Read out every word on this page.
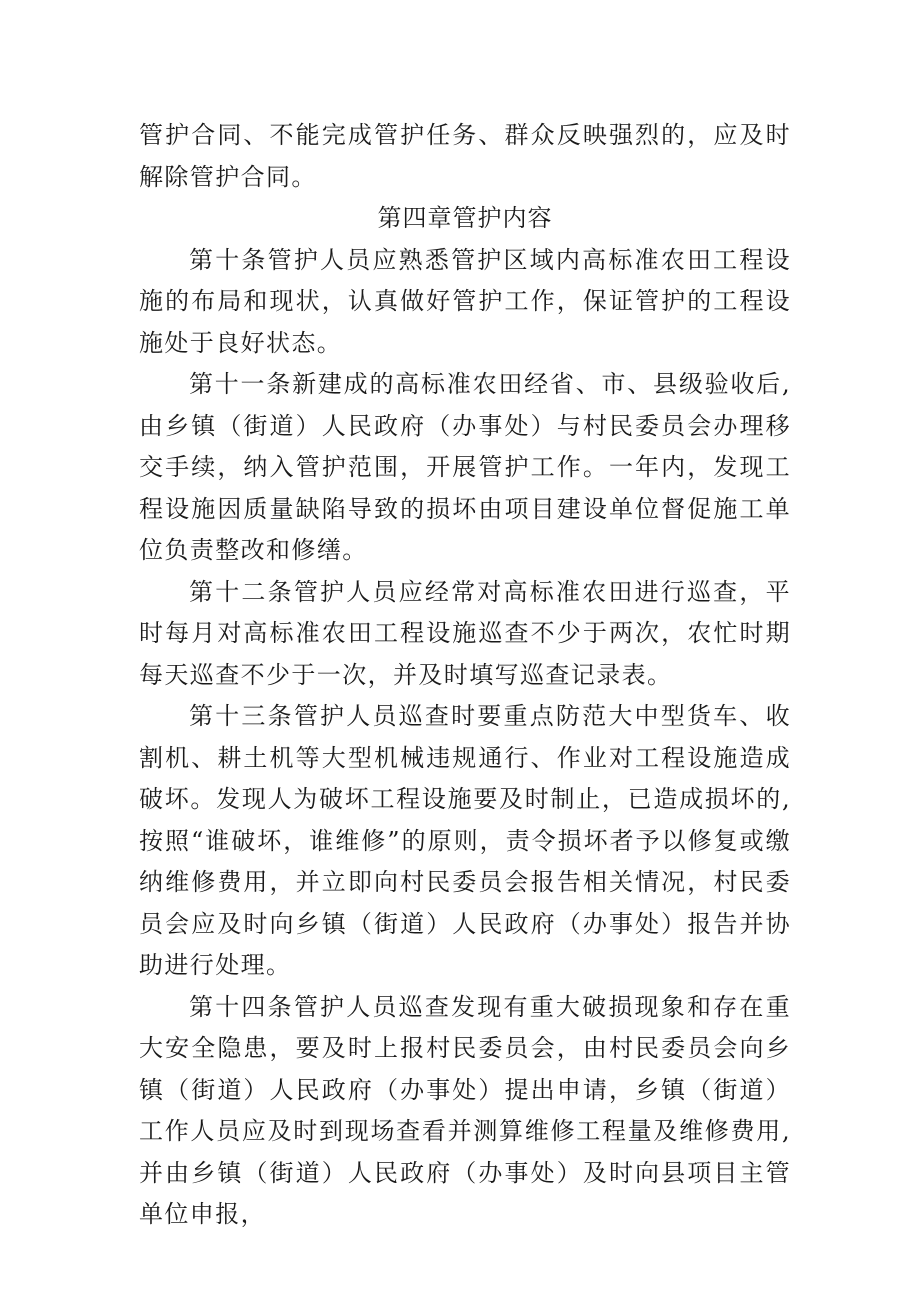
管护合同、不能完成管护任务、群众反映强烈的，应及时解除管护合同。

第四章管护内容

第十条管护人员应熟悉管护区域内高标准农田工程设施的布局和现状，认真做好管护工作，保证管护的工程设施处于良好状态。

第十一条新建成的高标准农田经省、市、县级验收后,由乡镇（街道）人民政府（办事处）与村民委员会办理移交手续，纳入管护范围，开展管护工作。一年内，发现工程设施因质量缺陷导致的损坏由项目建设单位督促施工单位负责整改和修缮。

第十二条管护人员应经常对高标准农田进行巡查，平时每月对高标准农田工程设施巡查不少于两次，农忙时期每天巡查不少于一次，并及时填写巡查记录表。

第十三条管护人员巡查时要重点防范大中型货车、收割机、耕土机等大型机械违规通行、作业对工程设施造成破坏。发现人为破坏工程设施要及时制止，已造成损坏的,按照“谁破坏，谁维修”的原则，责令损坏者予以修复或缴纳维修费用，并立即向村民委员会报告相关情况，村民委员会应及时向乡镇（街道）人民政府（办事处）报告并协助进行处理。

第十四条管护人员巡查发现有重大破损现象和存在重大安全隐患，要及时上报村民委员会，由村民委员会向乡镇（街道）人民政府（办事处）提出申请，乡镇（街道）工作人员应及时到现场查看并测算维修工程量及维修费用,并由乡镇（街道）人民政府（办事处）及时向县项目主管单位申报，
